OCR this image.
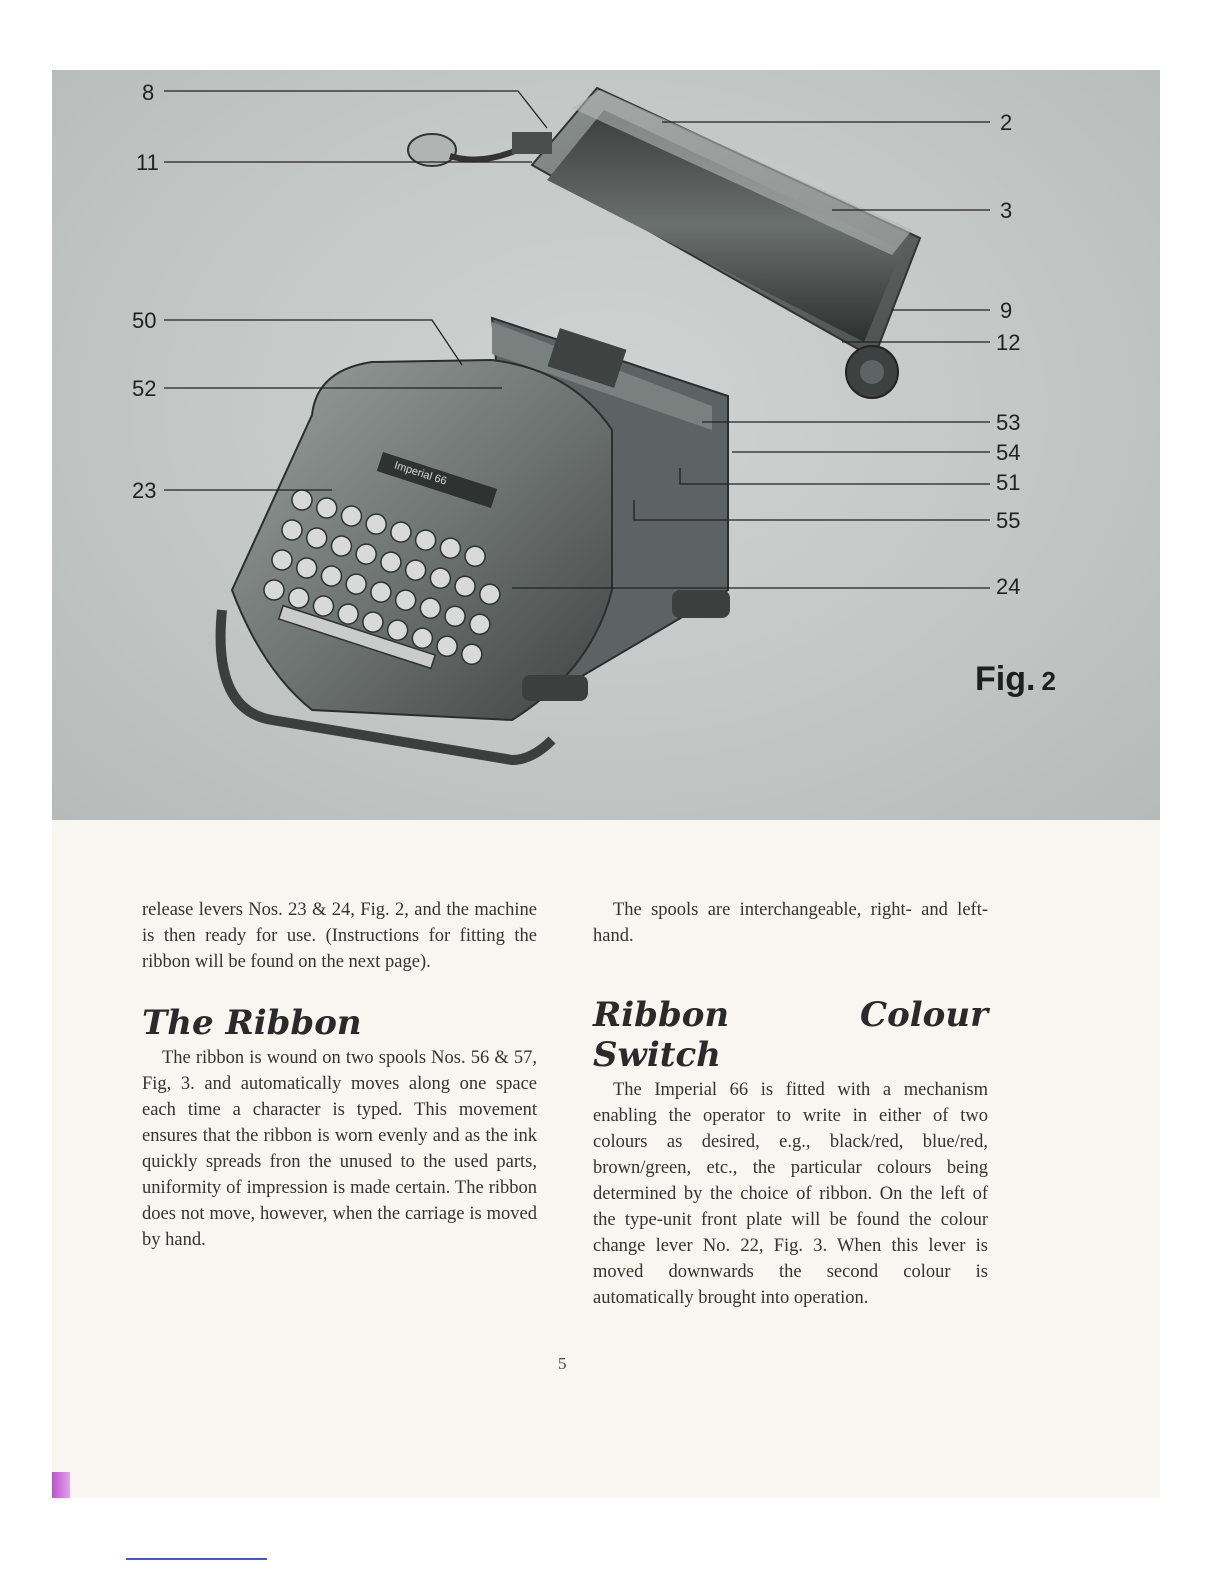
Imperial 66
8
11
50
52
23
2
3
9
12
53
54
51
55
24
Fig. 2

release levers Nos. 23 & 24, Fig. 2, and the machine is then ready for use. (Instructions for fitting the ribbon will be found on the next page).

The Ribbon

The ribbon is wound on two spools Nos. 56 & 57, Fig, 3. and automatically moves along one space each time a character is typed. This movement ensures that the ribbon is worn evenly and as the ink quickly spreads fron the unused to the used parts, uniformity of impression is made certain. The ribbon does not move, however, when the carriage is moved by hand.

The spools are interchangeable, right- and left-hand.

Ribbon Colour Switch

The Imperial 66 is fitted with a mechanism enabling the operator to write in either of two colours as desired, e.g., black/red, blue/red, brown/green, etc., the particular colours being determined by the choice of ribbon. On the left of the type-unit front plate will be found the colour change lever No. 22, Fig. 3. When this lever is moved downwards the second colour is automatically brought into operation.

5
